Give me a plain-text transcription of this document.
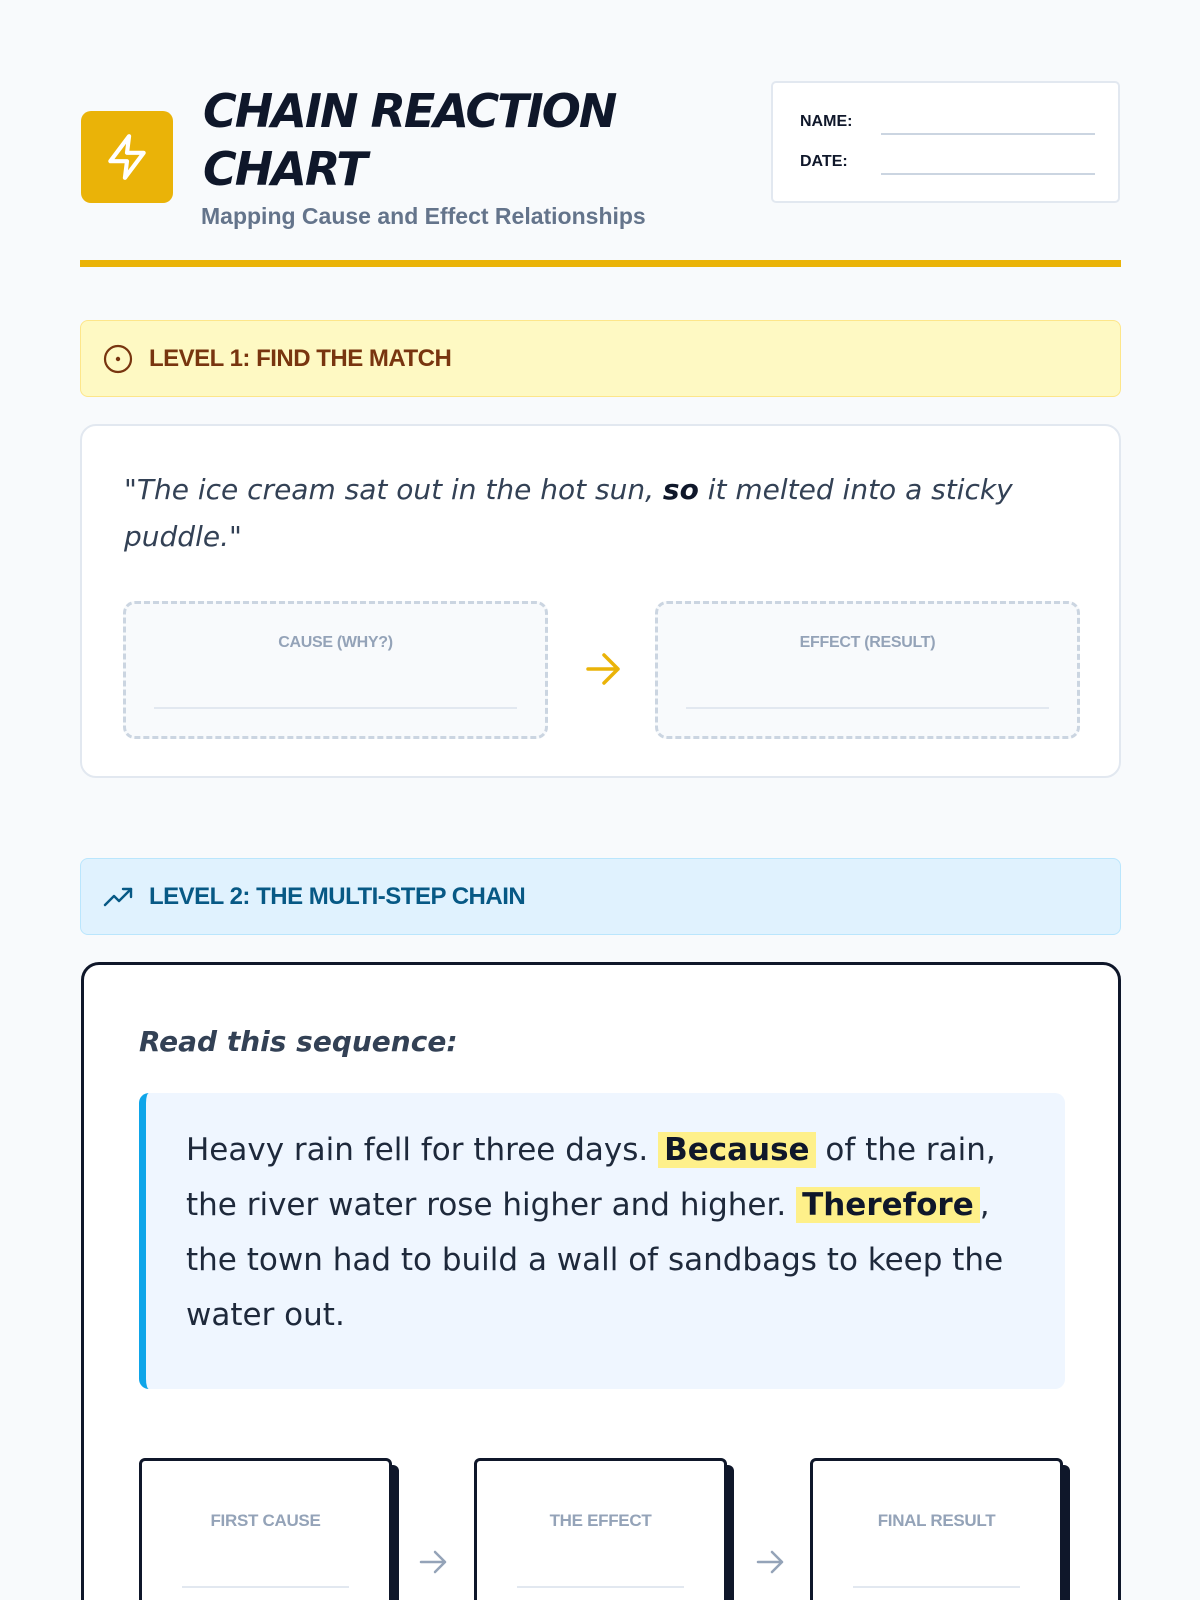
CHAIN REACTION
CHART
Mapping Cause and Effect Relationships
NAME:
DATE:
LEVEL 1: FIND THE MATCH
"The ice cream sat out in the hot sun, so it melted into a sticky puddle."
CAUSE (WHY?)	EFFECT (RESULT)
LEVEL 2: THE MULTI-STEP CHAIN
Read this sequence:

Heavy rain fell for three days. Because of the rain, the river water rose higher and higher. Therefore , the town had to build a wall of sandbags to keep the water out.

FIRST CAUSE	THE EFFECT	FINAL RESULT
